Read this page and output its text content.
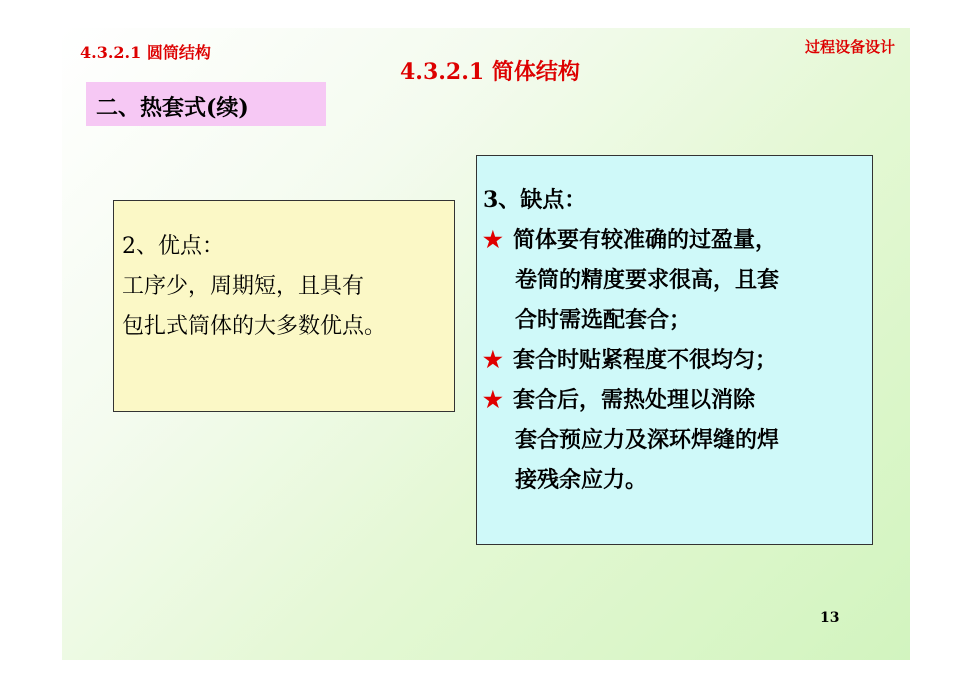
4.3.2.1 圆筒结构	过程设备设计
4.3.2.1 简体结构
二、热套式(续)
2、优点：
工序少，周期短，且具有
包扎式筒体的大多数优点。
3、缺点：
★ 简体要有较准确的过盈量，
卷筒的精度要求很高，且套
合时需选配套合；
★ 套合时贴紧程度不很均匀；
★ 套合后，需热处理以消除
套合预应力及深环焊缝的焊
接残余应力。
13
